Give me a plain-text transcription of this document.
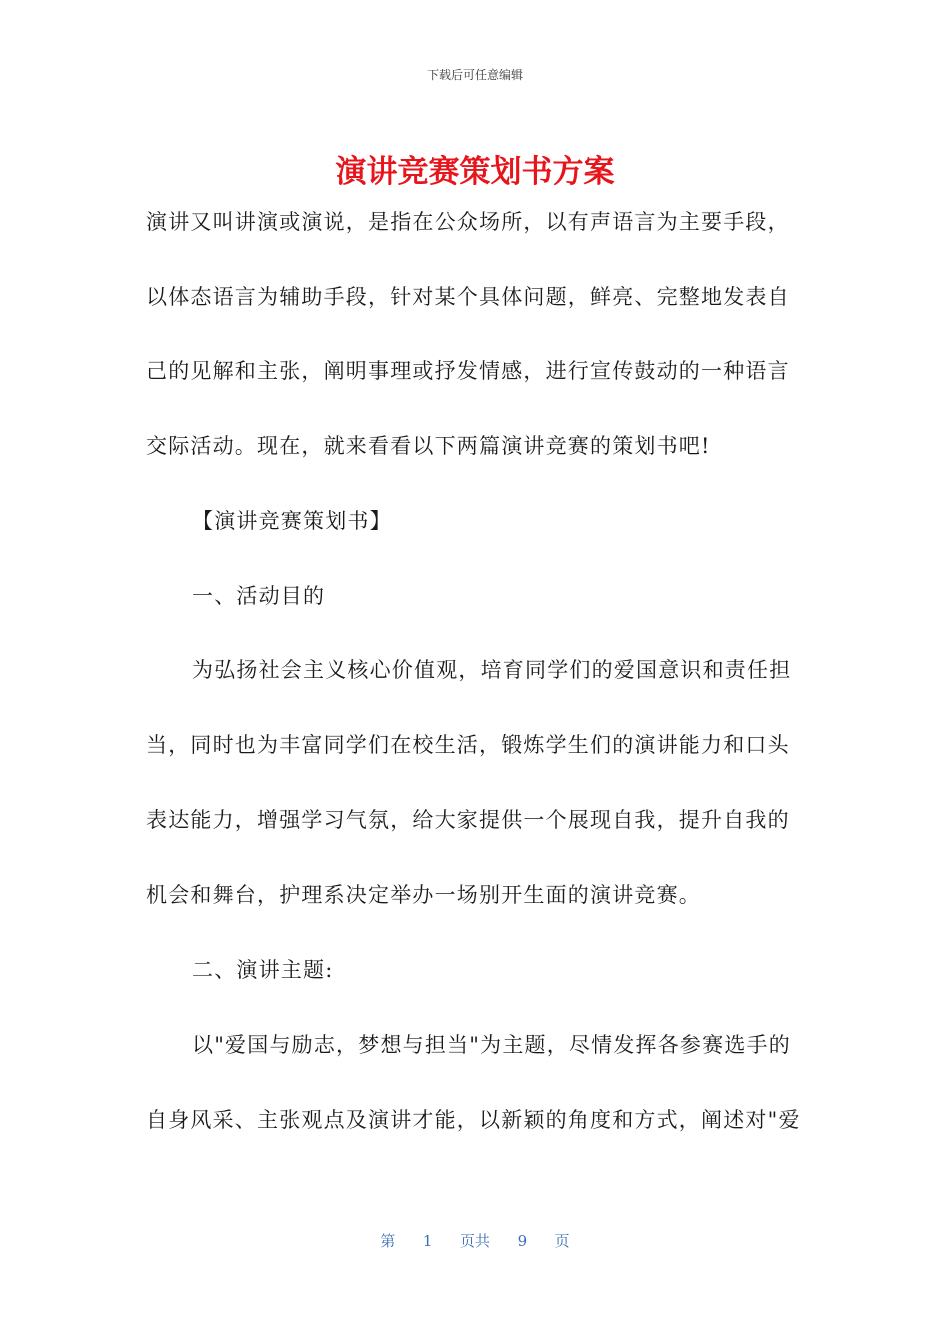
下载后可任意编辑
演讲竞赛策划书方案
演讲又叫讲演或演说，是指在公众场所，以有声语言为主要手段，
以体态语言为辅助手段，针对某个具体问题，鲜亮、完整地发表自
己的见解和主张，阐明事理或抒发情感，进行宣传鼓动的一种语言
交际活动。现在，就来看看以下两篇演讲竞赛的策划书吧!
【演讲竞赛策划书】
一、活动目的
为弘扬社会主义核心价值观，培育同学们的爱国意识和责任担
当，同时也为丰富同学们在校生活，锻炼学生们的演讲能力和口头
表达能力，增强学习气氛，给大家提供一个展现自我，提升自我的
机会和舞台，护理系决定举办一场别开生面的演讲竞赛。
二、演讲主题:
以"爱国与励志，梦想与担当"为主题，尽情发挥各参赛选手的
自身风采、主张观点及演讲才能，以新颖的角度和方式，阐述对"爱
第 1 页共 9 页
